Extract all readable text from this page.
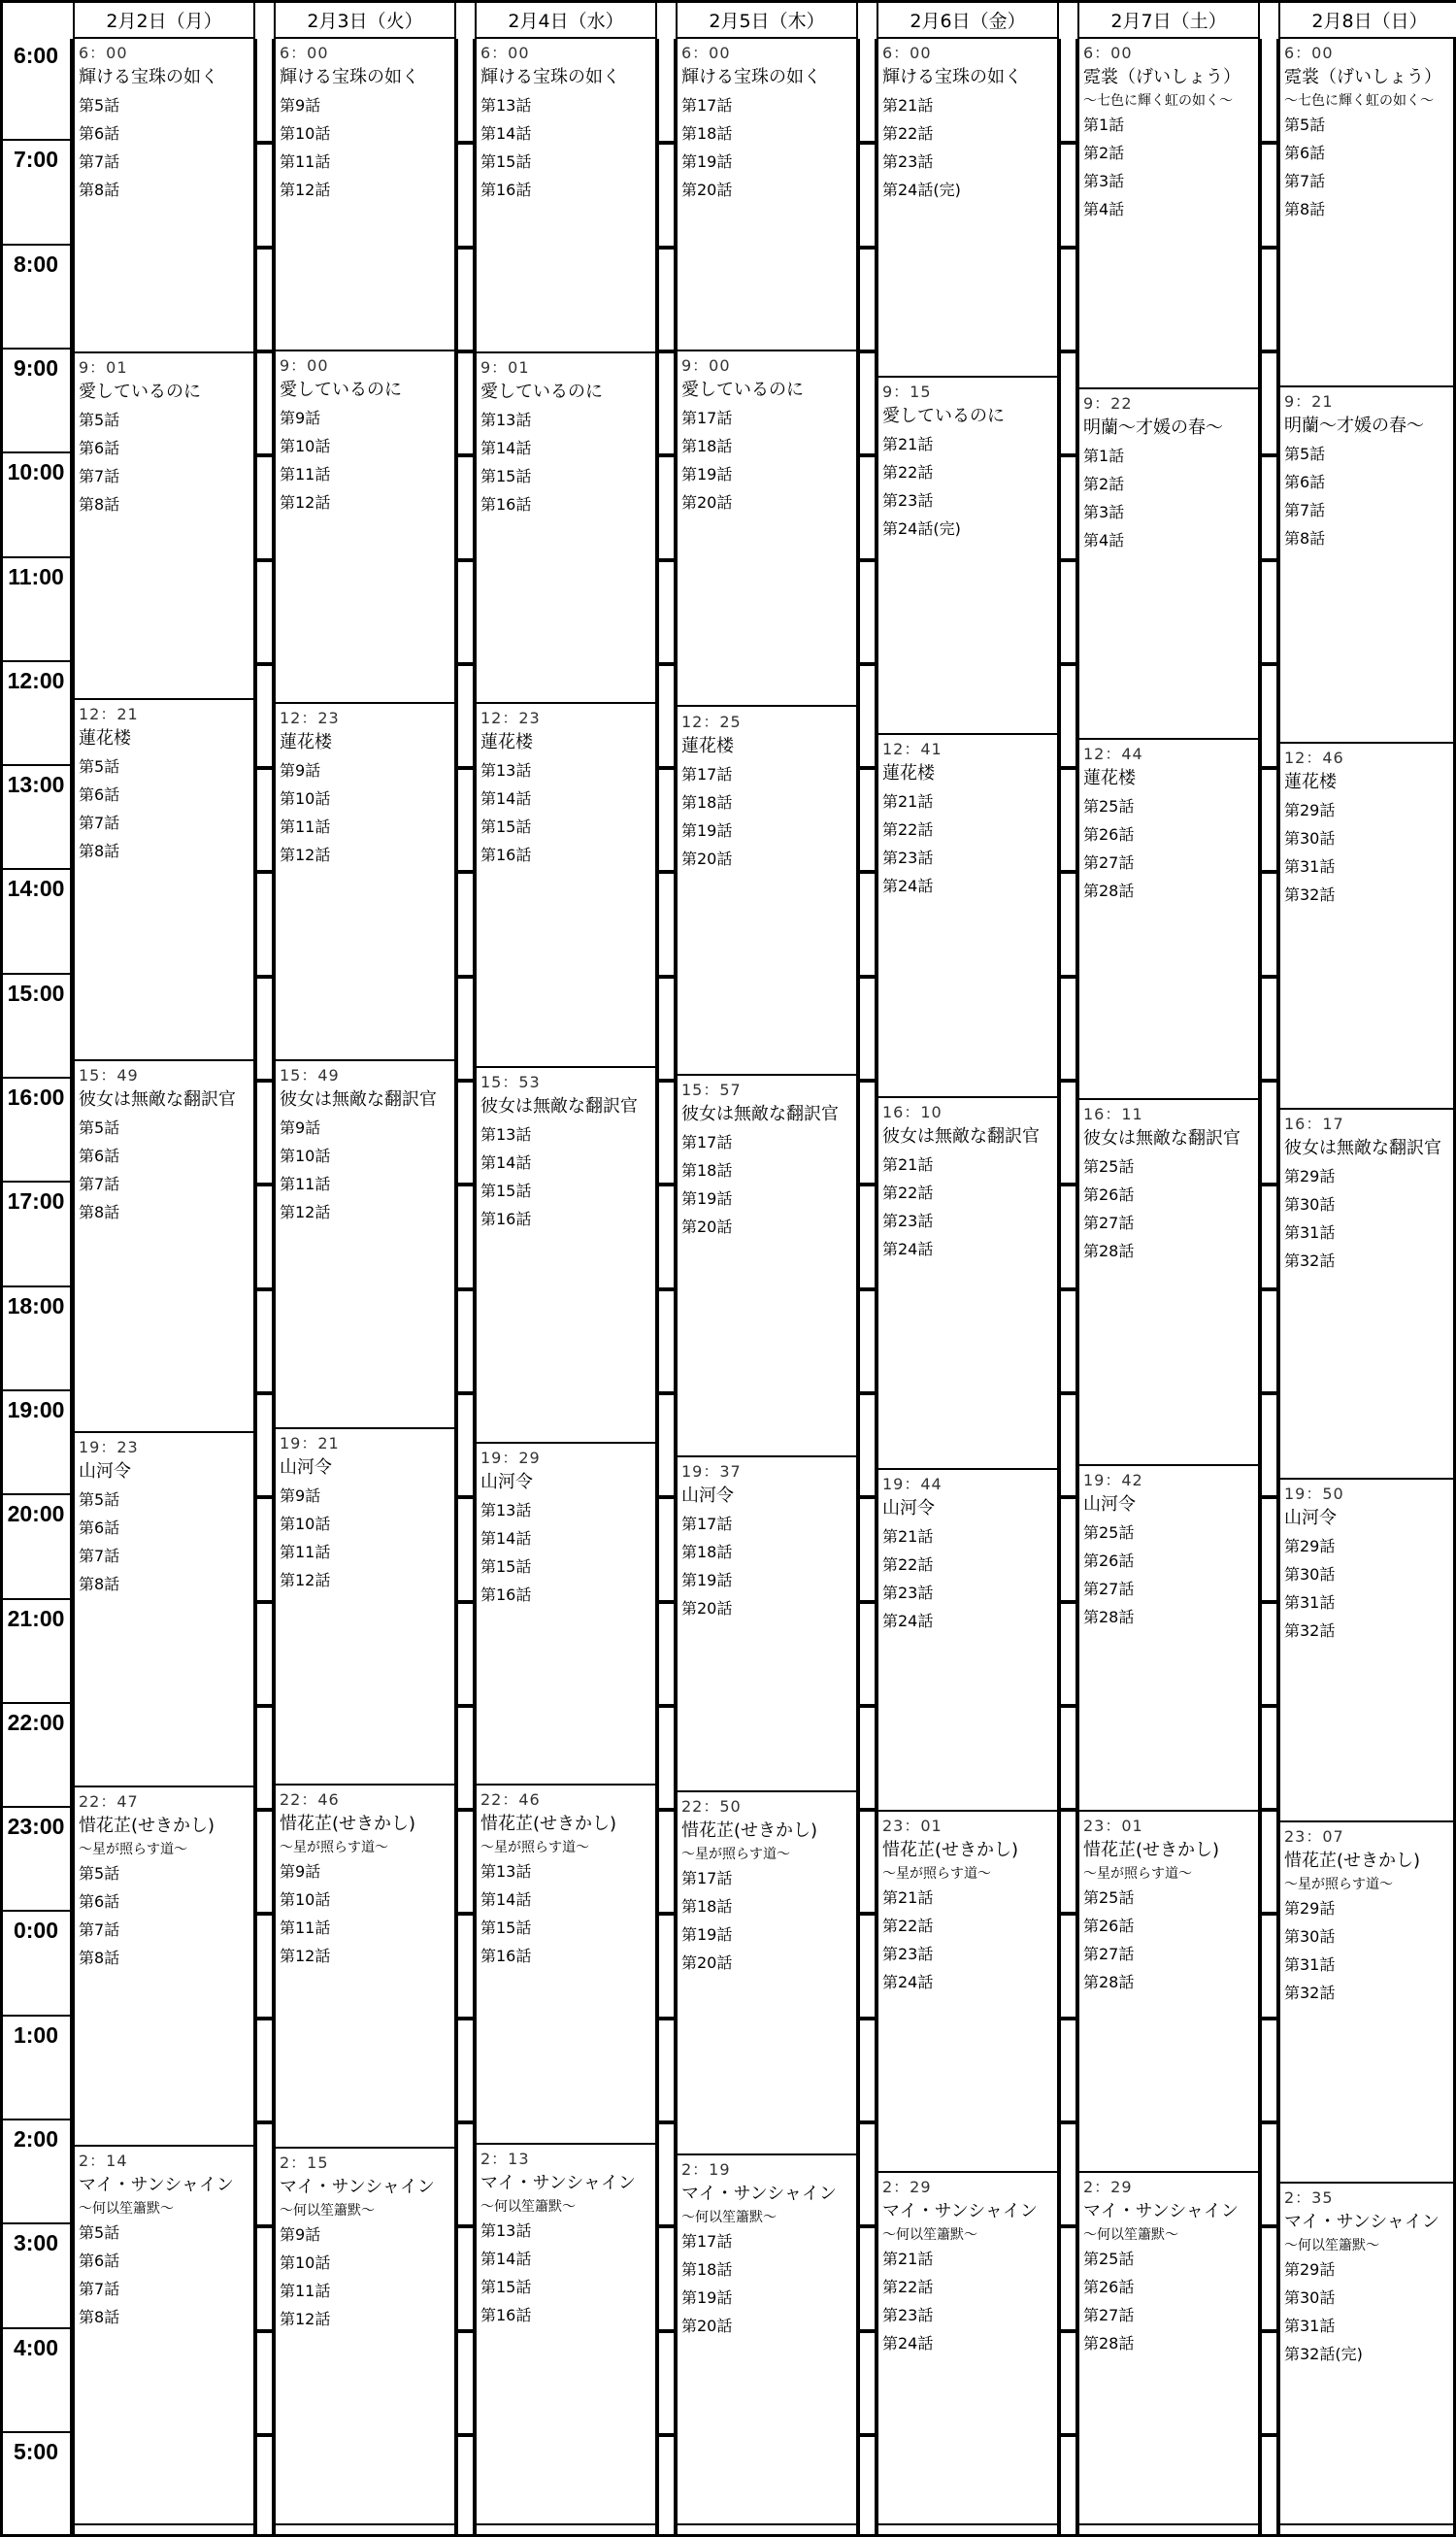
6:00
7:00
8:00
9:00
10:00
11:00
12:00
13:00
14:00
15:00
16:00
17:00
18:00
19:00
20:00
21:00
22:00
23:00
0:00
1:00
2:00
3:00
4:00
5:00
2月2日（月）
6：00
輝ける宝珠の如く
第5話
第6話
第7話
第8話
9：01
愛しているのに
第5話
第6話
第7話
第8話
12：21
蓮花楼
第5話
第6話
第7話
第8話
15：49
彼女は無敵な翻訳官
第5話
第6話
第7話
第8話
19：23
山河令
第5話
第6話
第7話
第8話
22：47
惜花芷(せきかし)
～星が照らす道～
第5話
第6話
第7話
第8話
2：14
マイ・サンシャイン
～何以笙簫默～
第5話
第6話
第7話
第8話
2月3日（火）
6：00
輝ける宝珠の如く
第9話
第10話
第11話
第12話
9：00
愛しているのに
第9話
第10話
第11話
第12話
12：23
蓮花楼
第9話
第10話
第11話
第12話
15：49
彼女は無敵な翻訳官
第9話
第10話
第11話
第12話
19：21
山河令
第9話
第10話
第11話
第12話
22：46
惜花芷(せきかし)
～星が照らす道～
第9話
第10話
第11話
第12話
2：15
マイ・サンシャイン
～何以笙簫默～
第9話
第10話
第11話
第12話
2月4日（水）
6：00
輝ける宝珠の如く
第13話
第14話
第15話
第16話
9：01
愛しているのに
第13話
第14話
第15話
第16話
12：23
蓮花楼
第13話
第14話
第15話
第16話
15：53
彼女は無敵な翻訳官
第13話
第14話
第15話
第16話
19：29
山河令
第13話
第14話
第15話
第16話
22：46
惜花芷(せきかし)
～星が照らす道～
第13話
第14話
第15話
第16話
2：13
マイ・サンシャイン
～何以笙簫默～
第13話
第14話
第15話
第16話
2月5日（木）
6：00
輝ける宝珠の如く
第17話
第18話
第19話
第20話
9：00
愛しているのに
第17話
第18話
第19話
第20話
12：25
蓮花楼
第17話
第18話
第19話
第20話
15：57
彼女は無敵な翻訳官
第17話
第18話
第19話
第20話
19：37
山河令
第17話
第18話
第19話
第20話
22：50
惜花芷(せきかし)
～星が照らす道～
第17話
第18話
第19話
第20話
2：19
マイ・サンシャイン
～何以笙簫默～
第17話
第18話
第19話
第20話
2月6日（金）
6：00
輝ける宝珠の如く
第21話
第22話
第23話
第24話(完)
9：15
愛しているのに
第21話
第22話
第23話
第24話(完)
12：41
蓮花楼
第21話
第22話
第23話
第24話
16：10
彼女は無敵な翻訳官
第21話
第22話
第23話
第24話
19：44
山河令
第21話
第22話
第23話
第24話
23：01
惜花芷(せきかし)
～星が照らす道～
第21話
第22話
第23話
第24話
2：29
マイ・サンシャイン
～何以笙簫默～
第21話
第22話
第23話
第24話
2月7日（土）
6：00
霓裳（げいしょう）
～七色に輝く虹の如く～
第1話
第2話
第3話
第4話
9：22
明蘭～才媛の春～
第1話
第2話
第3話
第4話
12：44
蓮花楼
第25話
第26話
第27話
第28話
16：11
彼女は無敵な翻訳官
第25話
第26話
第27話
第28話
19：42
山河令
第25話
第26話
第27話
第28話
23：01
惜花芷(せきかし)
～星が照らす道～
第25話
第26話
第27話
第28話
2：29
マイ・サンシャイン
～何以笙簫默～
第25話
第26話
第27話
第28話
2月8日（日）
6：00
霓裳（げいしょう）
～七色に輝く虹の如く～
第5話
第6話
第7話
第8話
9：21
明蘭～才媛の春～
第5話
第6話
第7話
第8話
12：46
蓮花楼
第29話
第30話
第31話
第32話
16：17
彼女は無敵な翻訳官
第29話
第30話
第31話
第32話
19：50
山河令
第29話
第30話
第31話
第32話
23：07
惜花芷(せきかし)
～星が照らす道～
第29話
第30話
第31話
第32話
2：35
マイ・サンシャイン
～何以笙簫默～
第29話
第30話
第31話
第32話(完)
